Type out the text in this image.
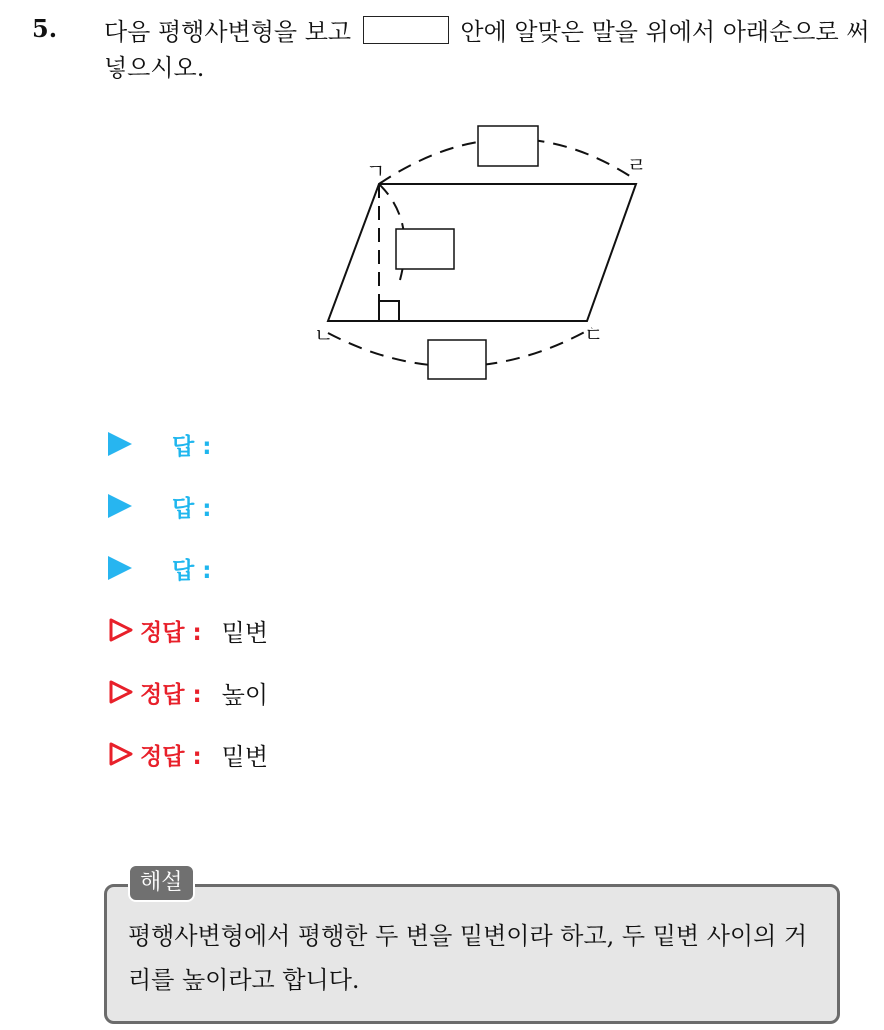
5. 다음 평행사변형을 보고	안에 알맞은 말을 위에서 아래순으로 써넣으시오.
ㄱ	ㄹ
ㄴ	ㄷ
답 :
답 :
답 :
정답 : 밑변
정답 : 높이
정답 : 밑변
해설
평행사변형에서 평행한 두 변을 밑변이라 하고, 두 밑변 사이의 거리를 높이라고 합니다.
